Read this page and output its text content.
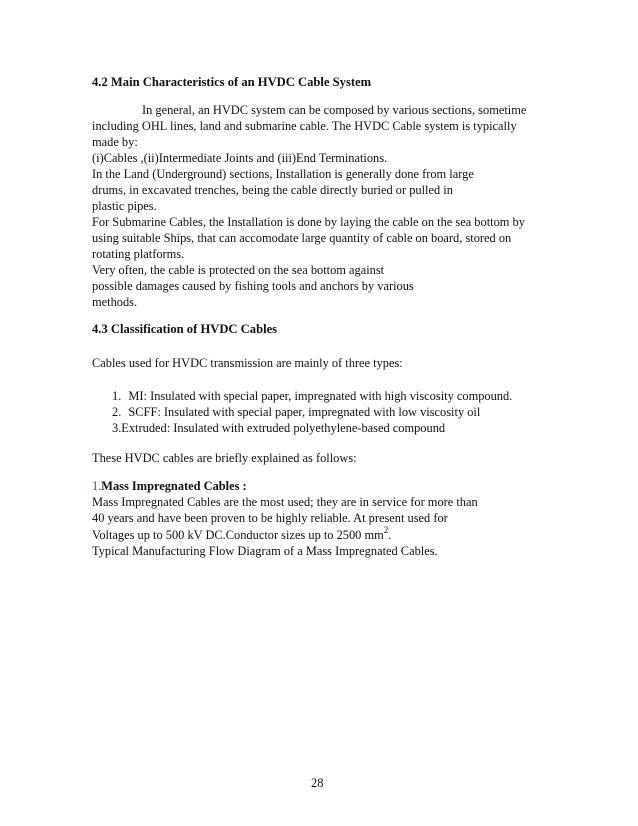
4.2 Main Characteristics of an HVDC Cable System
In general, an HVDC system can be composed by various sections, sometime
including OHL lines, land and submarine cable. The HVDC Cable system is typically
made by:
(i)Cables ,(ii)Intermediate Joints and (iii)End Terminations.
In the Land (Underground) sections, Installation is generally done from large
drums, in excavated trenches, being the cable directly buried or pulled in
plastic pipes.
For Submarine Cables, the Installation is done by laying the cable on the sea bottom by
using suitable Ships, that can accomodate large quantity of cable on board, stored on
rotating platforms.
Very often, the cable is protected on the sea bottom against
possible damages caused by fishing tools and anchors by various
methods.
4.3 Classification of HVDC Cables
Cables used for HVDC transmission are mainly of three types:
1. MI: Insulated with special paper, impregnated with high viscosity compound.
2. SCFF: Insulated with special paper, impregnated with low viscosity oil
3.Extruded: Insulated with extruded polyethylene-based compound
These HVDC cables are briefly explained as follows:
1.Mass Impregnated Cables :
Mass Impregnated Cables are the most used; they are in service for more than
40 years and have been proven to be highly reliable. At present used for
Voltages up to 500 kV DC.Conductor sizes up to 2500 $mm^2$.
Typical Manufacturing Flow Diagram of a Mass Impregnated Cables.
28
